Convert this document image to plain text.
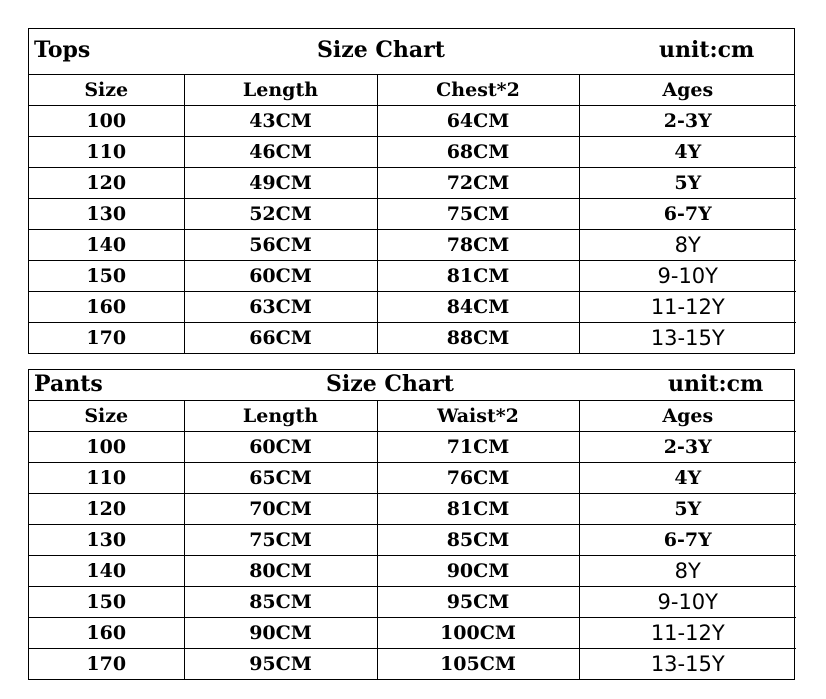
Tops	Size Chart	unit:cm
Size	Length	Chest*2	Ages
100	43CM	64CM	2-3Y
110	46CM	68CM	4Y
120	49CM	72CM	5Y
130	52CM	75CM	6-7Y
140	56CM	78CM	8Y
150	60CM	81CM	9-10Y
160	63CM	84CM	11-12Y
170	66CM	88CM	13-15Y
Pants	Size Chart	unit:cm
Size	Length	Waist*2	Ages
100	60CM	71CM	2-3Y
110	65CM	76CM	4Y
120	70CM	81CM	5Y
130	75CM	85CM	6-7Y
140	80CM	90CM	8Y
150	85CM	95CM	9-10Y
160	90CM	100CM	11-12Y
170	95CM	105CM	13-15Y
